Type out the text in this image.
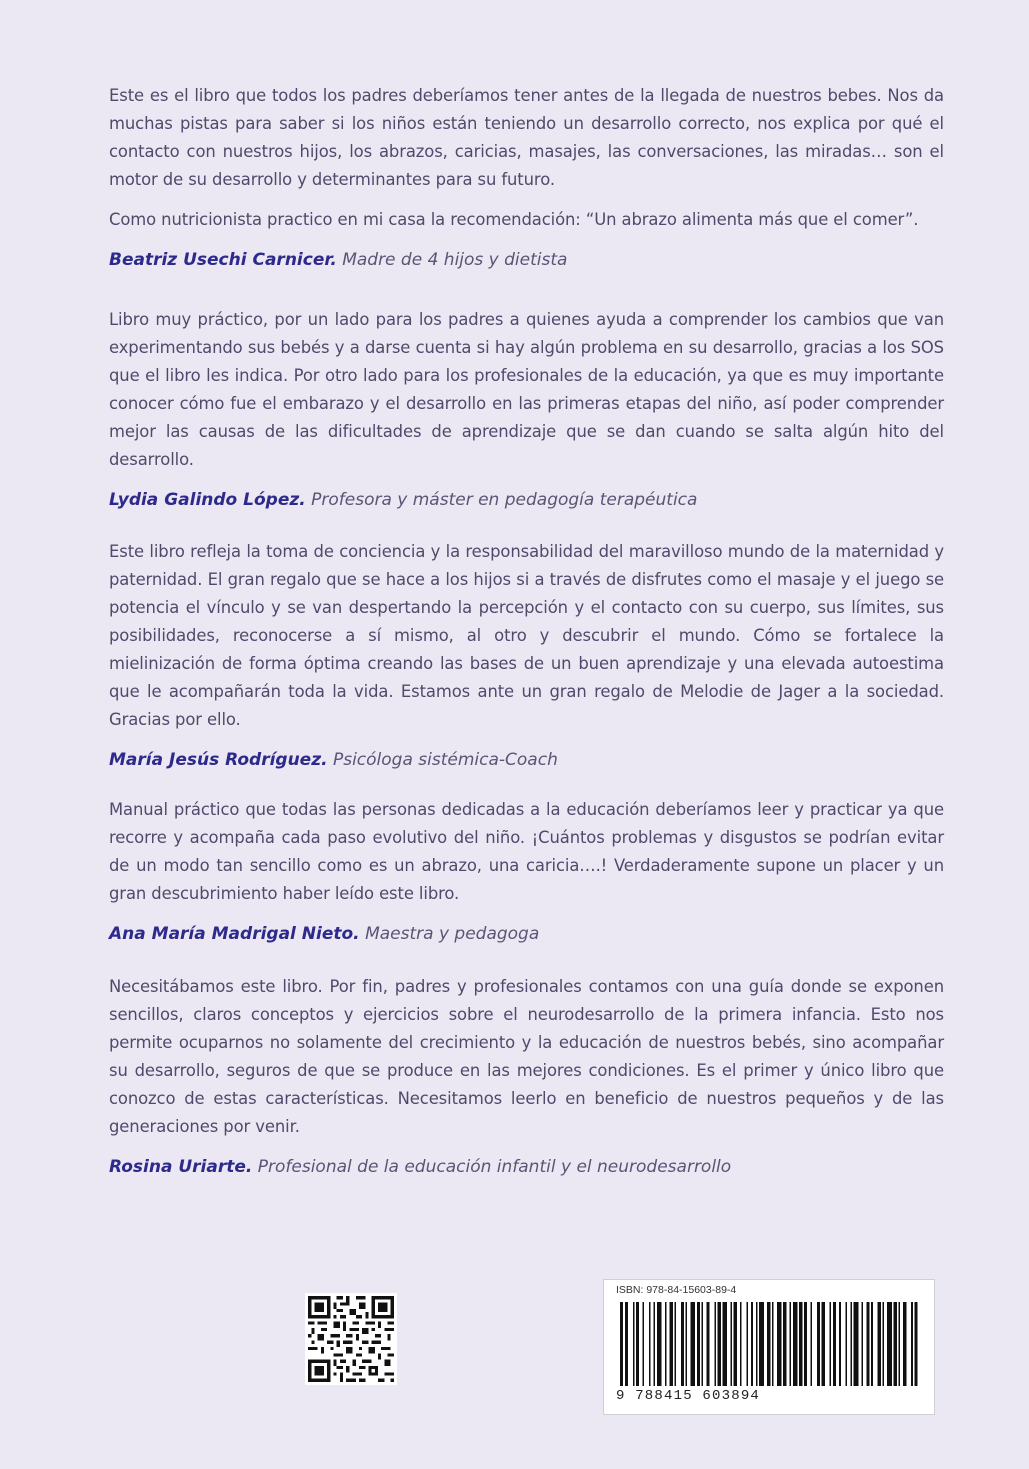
Este es el libro que todos los padres deberíamos tener antes de la llegada de nuestros bebes. Nos da muchas pistas para saber si los niños están teniendo un desarrollo correcto, nos explica por qué el contacto con nuestros hijos, los abrazos, caricias, masajes, las conversaciones, las miradas… son el motor de su desarrollo y determinantes para su futuro.

Como nutricionista practico en mi casa la recomendación: “Un abrazo alimenta más que el comer”.

Beatriz Usechi Carnicer. Madre de 4 hijos y dietista

Libro muy práctico, por un lado para los padres a quienes ayuda a comprender los cambios que van experimentando sus bebés y a darse cuenta si hay algún problema en su desarrollo, gracias a los SOS que el libro les indica. Por otro lado para los profesionales de la educación, ya que es muy importante conocer cómo fue el embarazo y el desarrollo en las primeras etapas del niño, así poder comprender mejor las causas de las dificultades de aprendizaje que se dan cuando se salta algún hito del desarrollo.

Lydia Galindo López. Profesora y máster en pedagogía terapéutica

Este libro refleja la toma de conciencia y la responsabilidad del maravilloso mundo de la maternidad y paternidad. El gran regalo que se hace a los hijos si a través de disfrutes como el masaje y el juego se potencia el vínculo y se van despertando la percepción y el contacto con su cuerpo, sus límites, sus posibilidades, reconocerse a sí mismo, al otro y descubrir el mundo. Cómo se fortalece la mielinización de forma óptima creando las bases de un buen aprendizaje y una elevada autoestima que le acompañarán toda la vida. Estamos ante un gran regalo de Melodie de Jager a la sociedad. Gracias por ello.

María Jesús Rodríguez. Psicóloga sistémica-Coach

Manual práctico que todas las personas dedicadas a la educación deberíamos leer y practicar ya que recorre y acompaña cada paso evolutivo del niño. ¡Cuántos problemas y disgustos se podrían evitar de un modo tan sencillo como es un abrazo, una caricia….! Verdaderamente supone un placer y un gran descubrimiento haber leído este libro.

Ana María Madrigal Nieto. Maestra y pedagoga

Necesitábamos este libro. Por fin, padres y profesionales contamos con una guía donde se exponen sencillos, claros conceptos y ejercicios sobre el neurodesarrollo de la primera infancia. Esto nos permite ocuparnos no solamente del crecimiento y la educación de nuestros bebés, sino acompañar su desarrollo, seguros de que se produce en las mejores condiciones. Es el primer y único libro que conozco de estas características. Necesitamos leerlo en beneficio de nuestros pequeños y de las generaciones por venir.

Rosina Uriarte. Profesional de la educación infantil y el neurodesarrollo
ISBN: 978-84-15603-89-4
9 788415 603894
